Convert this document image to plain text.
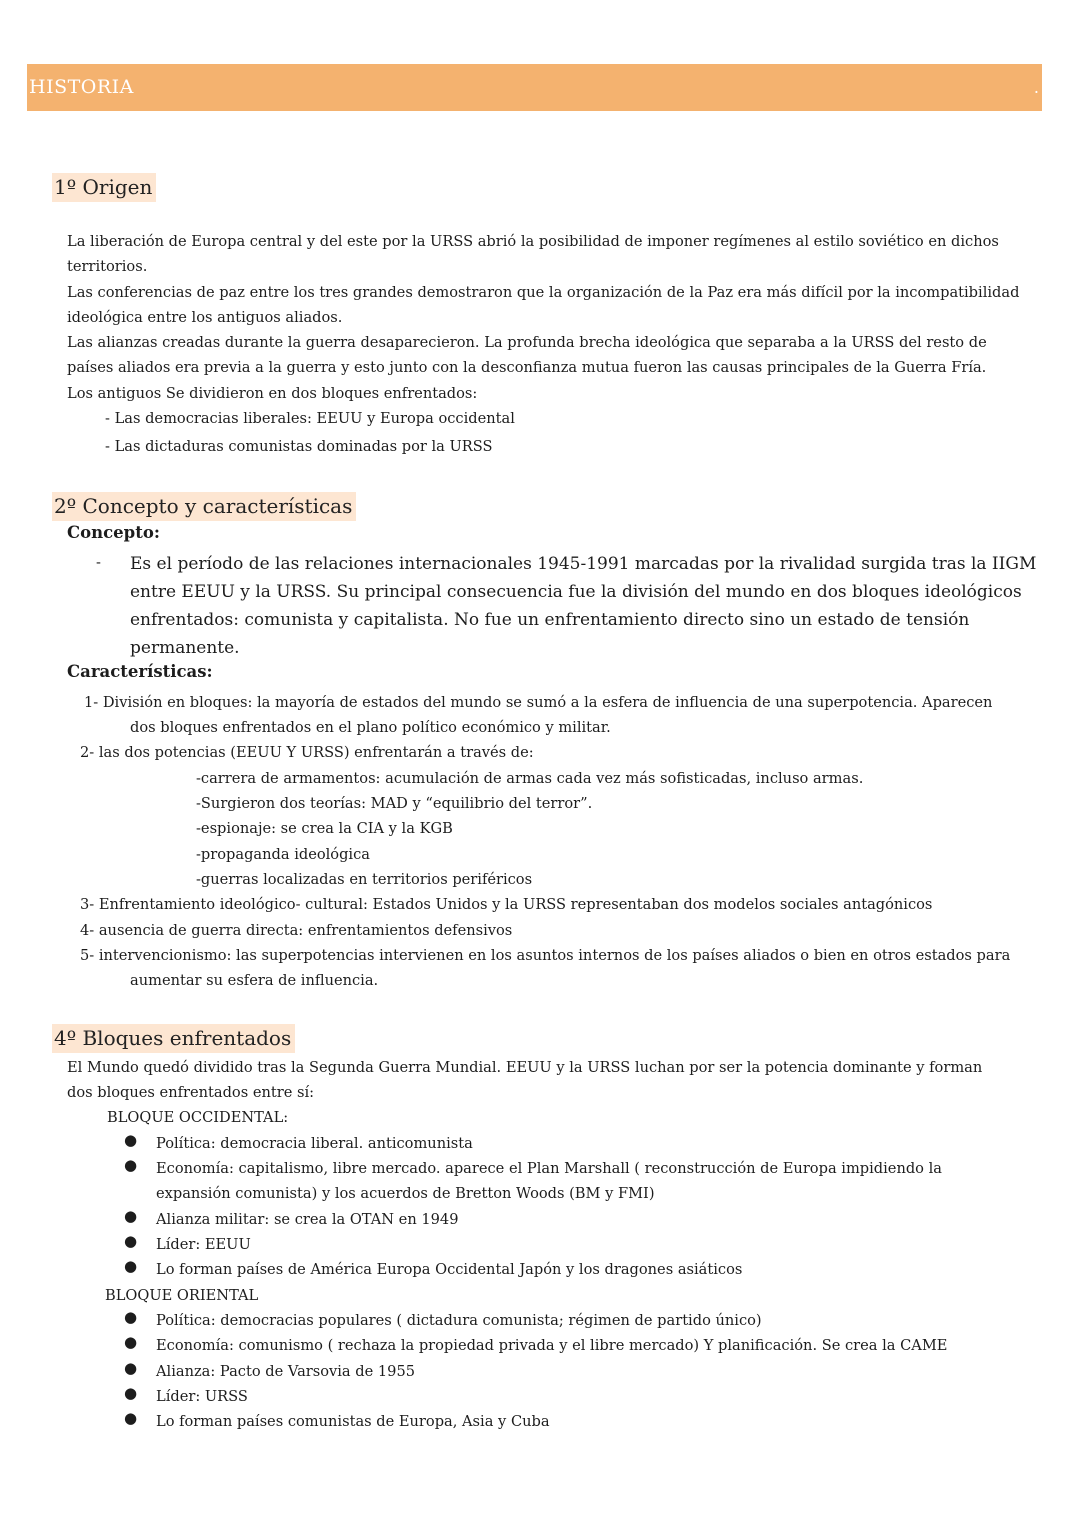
HISTORIA	.
1º Origen

La liberación de Europa central y del este por la URSS abrió la posibilidad de imponer regímenes al estilo soviético en dichos territorios.

Las conferencias de paz entre los tres grandes demostraron que la organización de la Paz era más difícil por la incompatibilidad ideológica entre los antiguos aliados.

Las alianzas creadas durante la guerra desaparecieron. La profunda brecha ideológica que separaba a la URSS del resto de países aliados era previa a la guerra y esto junto con la desconfianza mutua fueron las causas principales de la Guerra Fría.

Los antiguos Se dividieron en dos bloques enfrentados:
- Las democracias liberales: EEUU y Europa occidental
- Las dictaduras comunistas dominadas por la URSS
2º Concepto y características
Concepto:
- Es el período de las relaciones internacionales 1945-1991 marcadas por la rivalidad surgida tras la IIGM entre EEUU y la URSS. Su principal consecuencia fue la división del mundo en dos bloques ideológicos enfrentados: comunista y capitalista. No fue un enfrentamiento directo sino un estado de tensión permanente.

Características:
1- División en bloques: la mayoría de estados del mundo se sumó a la esfera de influencia de una superpotencia. Aparecen
dos bloques enfrentados en el plano político económico y militar.
2- las dos potencias (EEUU Y URSS) enfrentarán a través de:
-carrera de armamentos: acumulación de armas cada vez más sofisticadas, incluso armas.
-Surgieron dos teorías: MAD y “equilibrio del terror”.
-espionaje: se crea la CIA y la KGB
-propaganda ideológica
-guerras localizadas en territorios periféricos
3- Enfrentamiento ideológico- cultural: Estados Unidos y la URSS representaban dos modelos sociales antagónicos
4- ausencia de guerra directa: enfrentamientos defensivos
5- intervencionismo: las superpotencias intervienen en los asuntos internos de los países aliados o bien en otros estados para
aumentar su esfera de influencia.
4º Bloques enfrentados
El Mundo quedó dividido tras la Segunda Guerra Mundial. EEUU y la URSS luchan por ser la potencia dominante y forman
dos bloques enfrentados entre sí:
BLOQUE OCCIDENTAL:
● Política: democracia liberal. anticomunista
● Economía: capitalismo, libre mercado. aparece el Plan Marshall ( reconstrucción de Europa impidiendo la
expansión comunista) y los acuerdos de Bretton Woods (BM y FMI)
● Alianza militar: se crea la OTAN en 1949
● Líder: EEUU
● Lo forman países de América Europa Occidental Japón y los dragones asiáticos
BLOQUE ORIENTAL
● Política: democracias populares ( dictadura comunista; régimen de partido único)
● Economía: comunismo ( rechaza la propiedad privada y el libre mercado) Y planificación. Se crea la CAME
● Alianza: Pacto de Varsovia de 1955
● Líder: URSS
● Lo forman países comunistas de Europa, Asia y Cuba
